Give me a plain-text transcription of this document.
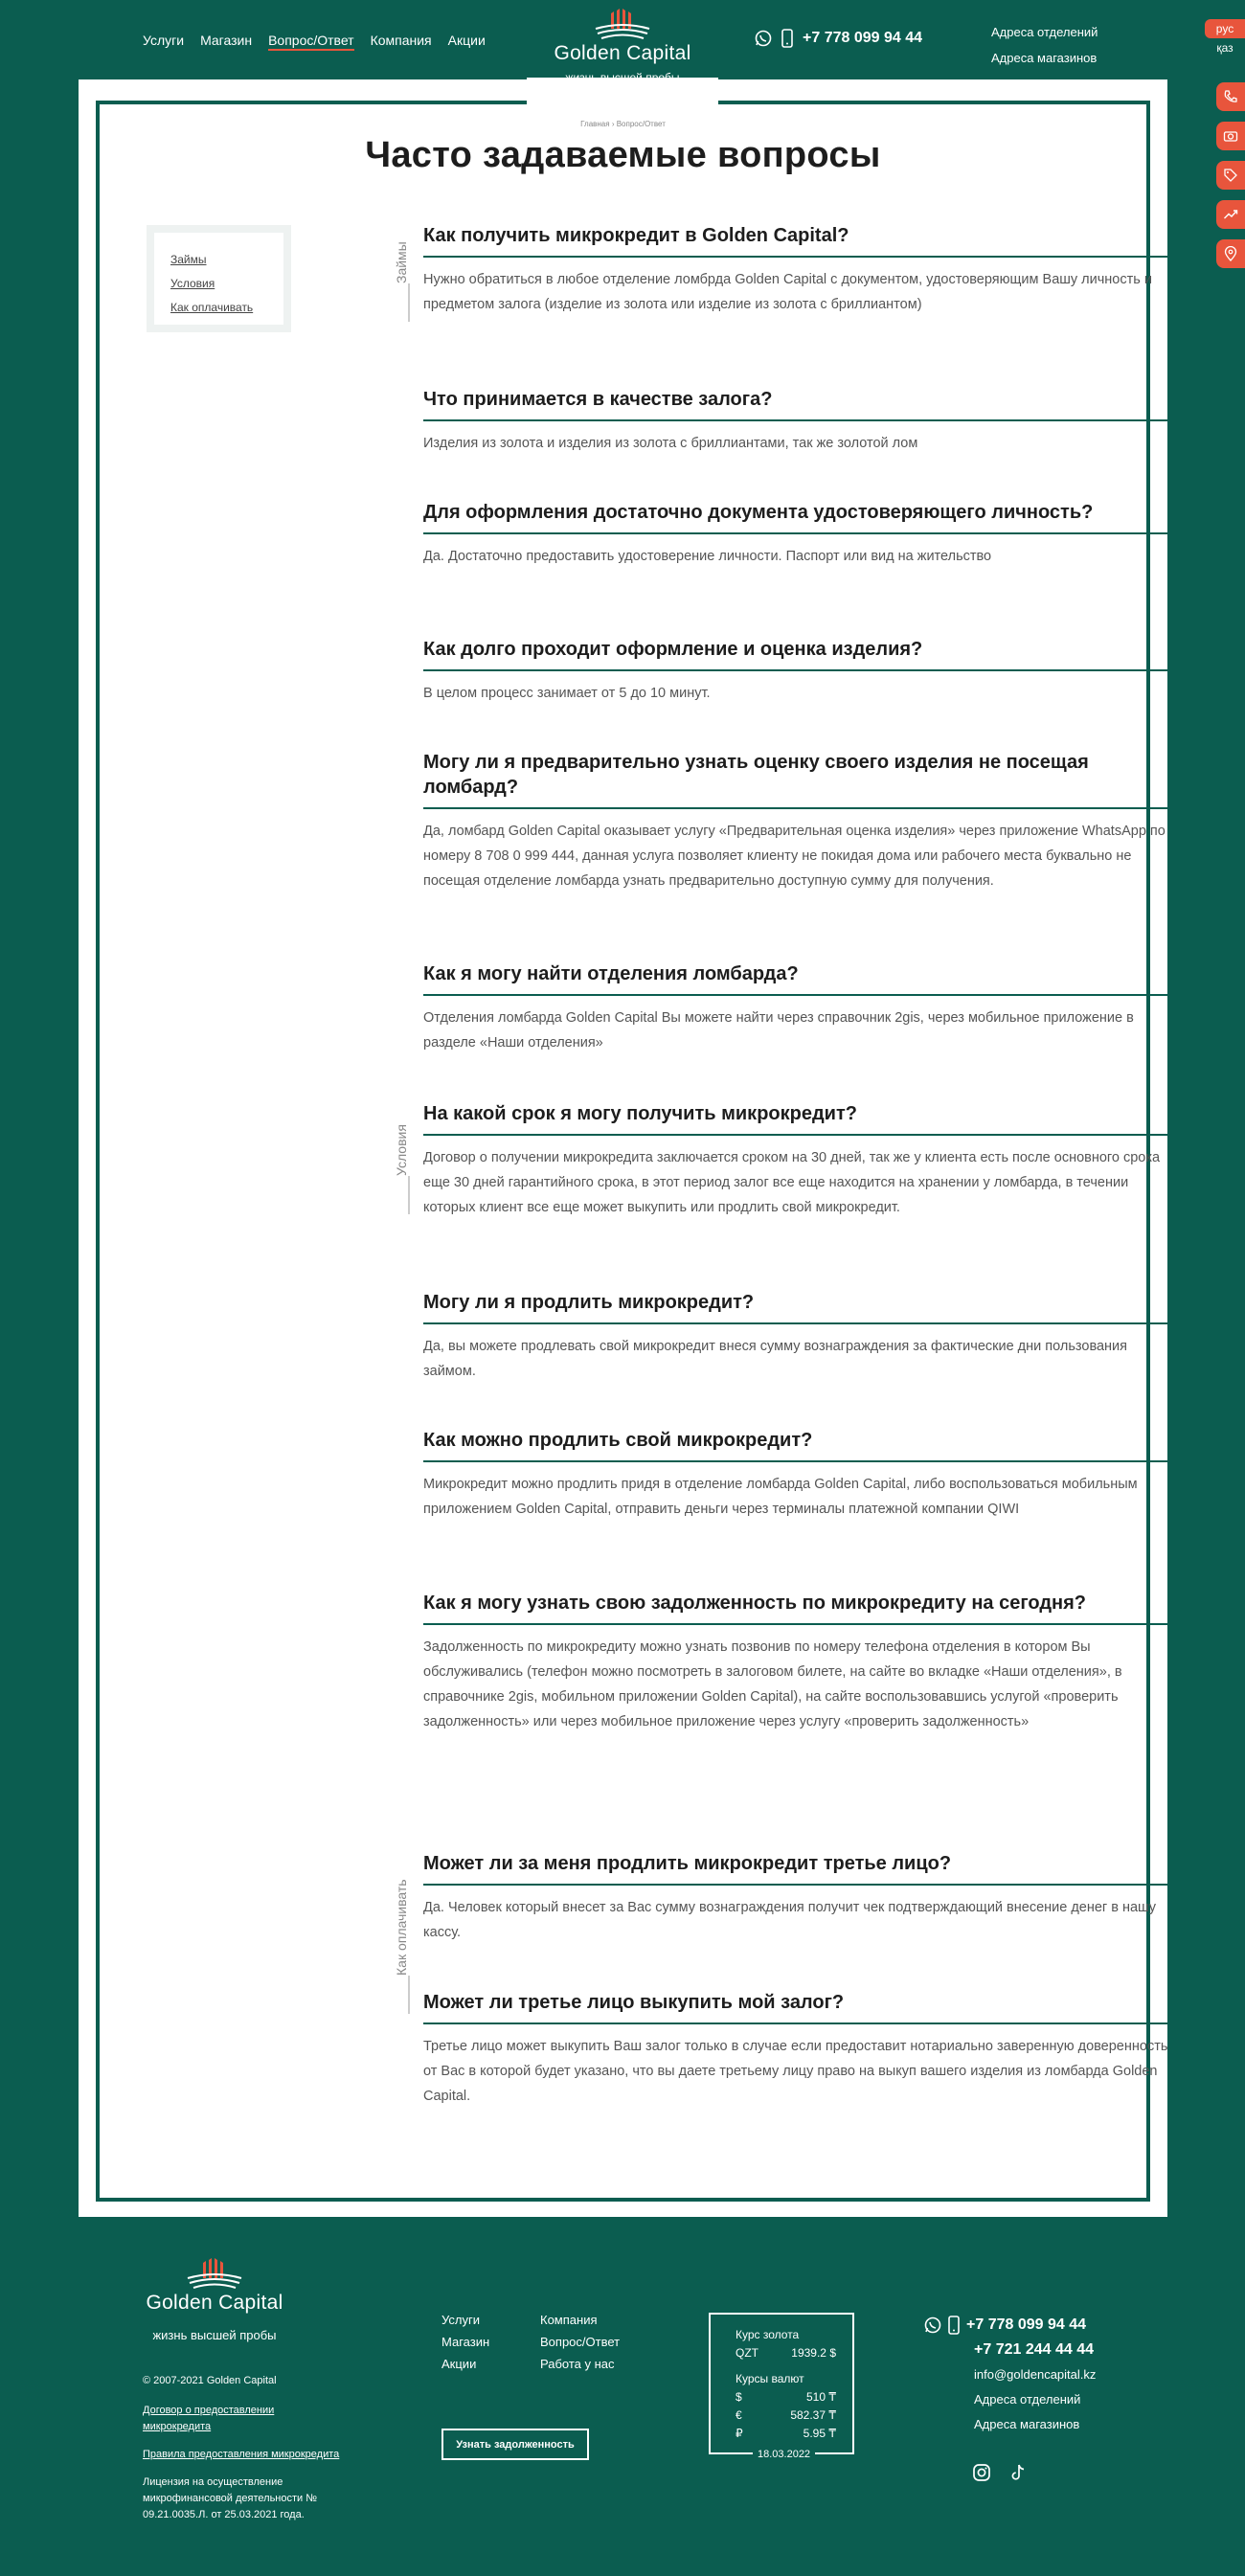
Услуги Магазин Вопрос/Ответ Компания Акции
Golden Capital
+7 778 099 94 44	Адреса отделений
Адреса магазинов
рус
қаз
Главная › Вопрос/Ответ
Часто задаваемые вопросы
Займы
Условия
Как оплачивать
Займы
Условия
Как оплачивать
Как получить микрокредит в Golden Capital?

Нужно обратиться в любое отделение ломбрда Golden Capital с документом, удостоверяющим Вашу личность и предметом залога (изделие из золота или изделие из золота с бриллиантом)

Что принимается в качестве залога?

Изделия из золота и изделия из золота с бриллиантами, так же золотой лом

Для оформления достаточно документа удостоверяющего личность?

Да. Достаточно предоставить удостоверение личности. Паспорт или вид на жительство

Как долго проходит оформление и оценка изделия?

В целом процесс занимает от 5 до 10 минут.

Могу ли я предварительно узнать оценку своего изделия не посещая ломбард?

Да, ломбард Golden Capital оказывает услугу «Предварительная оценка изделия» через приложение WhatsApp по номеру 8 708 0 999 444, данная услуга позволяет клиенту не покидая дома или рабочего места буквально не посещая отделение ломбарда узнать предварительно доступную сумму для получения.

Как я могу найти отделения ломбарда?

Отделения ломбарда Golden Capital Вы можете найти через справочник 2gis, через мобильное приложение в разделе «Наши отделения»

На какой срок я могу получить микрокредит?

Договор о получении микрокредита заключается сроком на 30 дней, так же у клиента есть после основного срока еще 30 дней гарантийного срока, в этот период залог все еще находится на хранении у ломбарда, в течении которых клиент все еще может выкупить или продлить свой микрокредит.

Могу ли я продлить микрокредит?

Да, вы можете продлевать свой микрокредит внеся сумму вознаграждения за фактические дни пользования займом.

Как можно продлить свой микрокредит?

Микрокредит можно продлить придя в отделение ломбарда Golden Capital, либо воспользоваться мобильным приложением Golden Capital, отправить деньги через терминалы платежной компании QIWI

Как я могу узнать свою задолженность по микрокредиту на сегодня?

Задолженность по микрокредиту можно узнать позвонив по номеру телефона отделения в котором Вы обслуживались (телефон можно посмотреть в залоговом билете, на сайте во вкладке «Наши отделения», в справочнике 2gis, мобильном приложении Golden Capital), на сайте воспользовавшись услугой «проверить задолженность» или через мобильное приложение через услугу «проверить задолженность»

Может ли за меня продлить микрокредит третье лицо?

Да. Человек который внесет за Вас сумму вознаграждения получит чек подтверждающий внесение денег в нашу кассу.

Может ли третье лицо выкупить мой залог?

Третье лицо может выкупить Ваш залог только в случае если предоставит нотариально заверенную доверенность от Вас в которой будет указано, что вы даете третьему лицу право на выкуп вашего изделия из ломбарда Golden Capital.

Golden Capital
жизнь высшей пробы
© 2007-2021 Golden Capital
Договор о предоставлении микрокредита
Правила предоставления микрокредита
Лицензия на осуществление микрофинансовой деятельности № 09.21.0035.Л. от 25.03.2021 года.
Услуги	Компания
Магазин	Вопрос/Ответ
Акции	Работа у нас
Узнать задолженность
Курс золота
QZT	1939.2 $
Курсы валют
$	510 ₸
€	582.37 ₸
₽	5.95 ₸
18.03.2022
+7 778 099 94 44
+7 721 244 44 44
info@goldencapital.kz
Адреса отделений
Адреса магазинов
